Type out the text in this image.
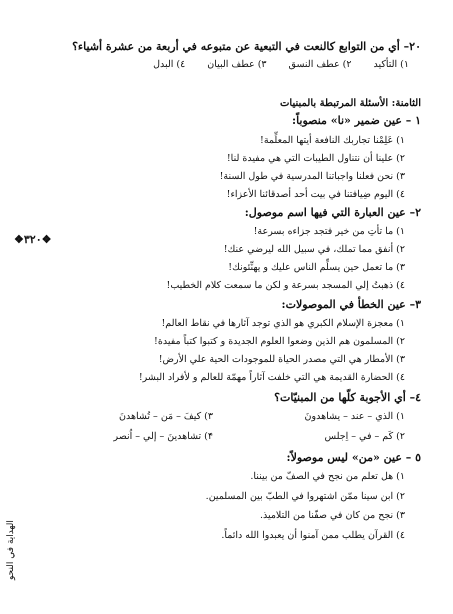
٢٠– أي من التوابع كالنعت في التبعية عن متبوعه في أربعة من عشرة أشياء؟
١) التأكيد٢) عطف النسق٣) عطف البيان٤) البدل
الثامنة: الأسئلة المرتبطة بالمبنيات
١ – عين ضمير «نا» منصوباً:
١) عَلِمْنا تجاربك النافعة أيتها المعلِّمة!
٢) علينا أن نتناول الطيبات التي هي مفيدة لنا!
٣) نحن فعلنا واجباتنا المدرسية في طول السنة!
٤) اليوم ضِيافتنا في بيت أحد أصدقائنا الأعزاء!
٢– عين العبارة التي فيها اسم موصول:
١) ما تأتِ من خير فتجد جزاءه بسرعة!
٢) أنفق مما تملك، في سبيل الله ليرضي عنك!
٣) ما تعمل حين يسلِّم الناس عليك و يهنِّئونك!
٤) ذهبتُ إلي المسجد بسرعة و لكن ما سمعت كلام الخطيب!
٣– عين الخطأ في الموصولات:
١) معجزة الإسلام الكبري هو الذي توجد آثارها في نقاط العالم!
٢) المسلمون هم الذين وضعوا العلوم الجديدة و كتبوا كتباً مفيدة!
٣) الأمطار هي التي مصدر الحياة للموجودات الحية علي الأرض!
٤) الحضارة القديمة هي التي خلفت آثاراً مهمّة للعالم و لأفراد البشر!
٤– أي الأجوبة كلّها من المبنيّات؟
١) الذي – عند – يشاهدونَ
٣) كيفَ – مَن – تُشاهدنَ
٢) كَم – في – اِجلس
۴) تشاهدينَ – إلي – اُنصر
٥ – عين «من» ليس موصولاً:
١) هل تعلم من نجح في الصفّ من بيننا.
٢) ابن سينا ممّن اشتهروا في الطبّ بين المسلمين.
٣) نجح من كان في صفّنا من التلاميذ.
٤) القرآن يطلب ممن آمنوا أن يعبدوا الله دائماً.
❖٣٢٠❖
الهداية في النحو
